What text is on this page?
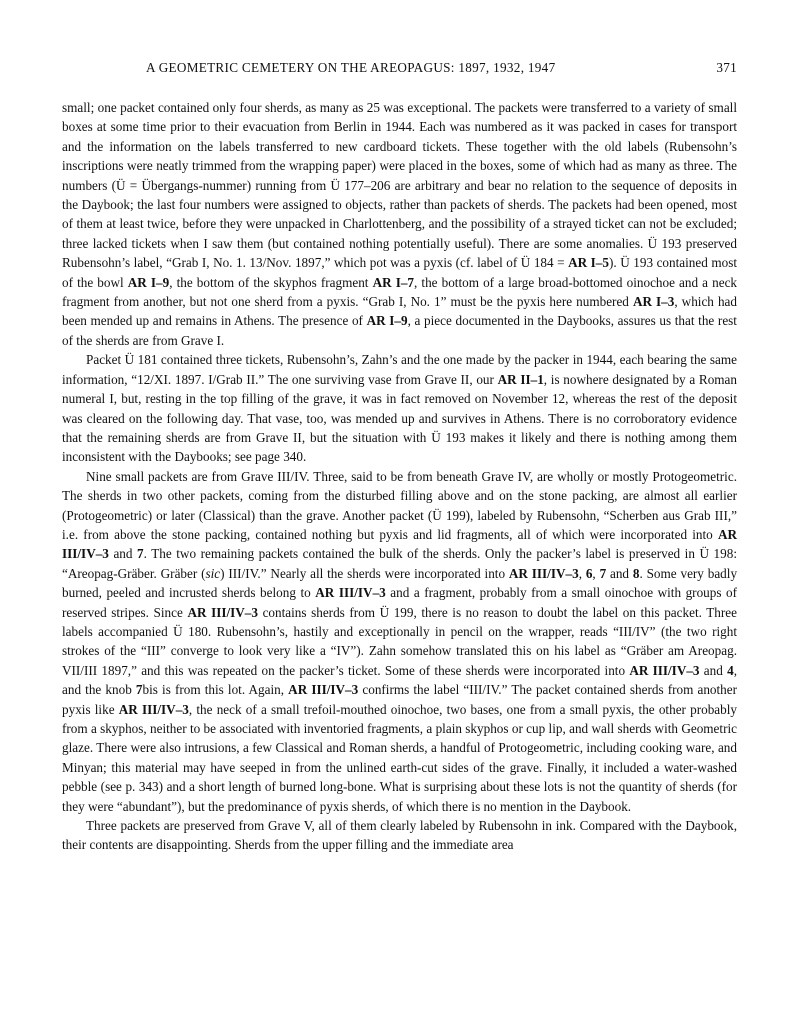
A GEOMETRIC CEMETERY ON THE AREOPAGUS: 1897, 1932, 1947	371

small; one packet contained only four sherds, as many as 25 was exceptional. The packets were transferred to a variety of small boxes at some time prior to their evacuation from Berlin in 1944. Each was numbered as it was packed in cases for transport and the information on the labels transferred to new cardboard tickets. These together with the old labels (Rubensohn’s inscriptions were neatly trimmed from the wrapping paper) were placed in the boxes, some of which had as many as three. The numbers (Ü = Übergangs-nummer) running from Ü 177–206 are arbitrary and bear no relation to the sequence of deposits in the Daybook; the last four numbers were assigned to objects, rather than packets of sherds. The packets had been opened, most of them at least twice, before they were unpacked in Charlottenberg, and the possibility of a strayed ticket can not be excluded; three lacked tickets when I saw them (but contained nothing potentially useful). There are some anomalies. Ü 193 preserved Rubensohn’s label, “Grab I, No. 1. 13/Nov. 1897,” which pot was a pyxis (cf. label of Ü 184 = AR I–5). Ü 193 contained most of the bowl AR I–9, the bottom of the skyphos fragment AR I–7, the bottom of a large broad-bottomed oinochoe and a neck fragment from another, but not one sherd from a pyxis. “Grab I, No. 1” must be the pyxis here numbered AR I–3, which had been mended up and remains in Athens. The presence of AR I–9, a piece documented in the Daybooks, assures us that the rest of the sherds are from Grave I.

Packet Ü 181 contained three tickets, Rubensohn’s, Zahn’s and the one made by the packer in 1944, each bearing the same information, “12/XI. 1897. I/Grab II.” The one surviving vase from Grave II, our AR II–1, is nowhere designated by a Roman numeral I, but, resting in the top filling of the grave, it was in fact removed on November 12, whereas the rest of the deposit was cleared on the following day. That vase, too, was mended up and survives in Athens. There is no corroboratory evidence that the remaining sherds are from Grave II, but the situation with Ü 193 makes it likely and there is nothing among them inconsistent with the Daybooks; see page 340.

Nine small packets are from Grave III/IV. Three, said to be from beneath Grave IV, are wholly or mostly Protogeometric. The sherds in two other packets, coming from the disturbed filling above and on the stone packing, are almost all earlier (Protogeometric) or later (Classical) than the grave. Another packet (Ü 199), labeled by Rubensohn, “Scherben aus Grab III,” i.e. from above the stone packing, contained nothing but pyxis and lid fragments, all of which were incorporated into AR III/IV–3 and 7. The two remaining packets contained the bulk of the sherds. Only the packer’s label is preserved in Ü 198: “Areopag-Gräber. Gräber (sic) III/IV.” Nearly all the sherds were incorporated into AR III/IV–3, 6, 7 and 8. Some very badly burned, peeled and incrusted sherds belong to AR III/IV–3 and a fragment, probably from a small oinochoe with groups of reserved stripes. Since AR III/IV–3 contains sherds from Ü 199, there is no reason to doubt the label on this packet. Three labels accompanied Ü 180. Rubensohn’s, hastily and exceptionally in pencil on the wrapper, reads “III/IV” (the two right strokes of the “III” converge to look very like a “IV”). Zahn somehow translated this on his label as “Gräber am Areopag. VII/III 1897,” and this was repeated on the packer’s ticket. Some of these sherds were incorporated into AR III/IV–3 and 4, and the knob 7bis is from this lot. Again, AR III/IV–3 confirms the label “III/IV.” The packet contained sherds from another pyxis like AR III/IV–3, the neck of a small trefoil-mouthed oinochoe, two bases, one from a small pyxis, the other probably from a skyphos, neither to be associated with inventoried fragments, a plain skyphos or cup lip, and wall sherds with Geometric glaze. There were also intrusions, a few Classical and Roman sherds, a handful of Protogeometric, including cooking ware, and Minyan; this material may have seeped in from the unlined earth-cut sides of the grave. Finally, it included a water-washed pebble (see p. 343) and a short length of burned long-bone. What is surprising about these lots is not the quantity of sherds (for they were “abundant”), but the predominance of pyxis sherds, of which there is no mention in the Daybook.

Three packets are preserved from Grave V, all of them clearly labeled by Rubensohn in ink. Compared with the Daybook, their contents are disappointing. Sherds from the upper filling and the immediate area
